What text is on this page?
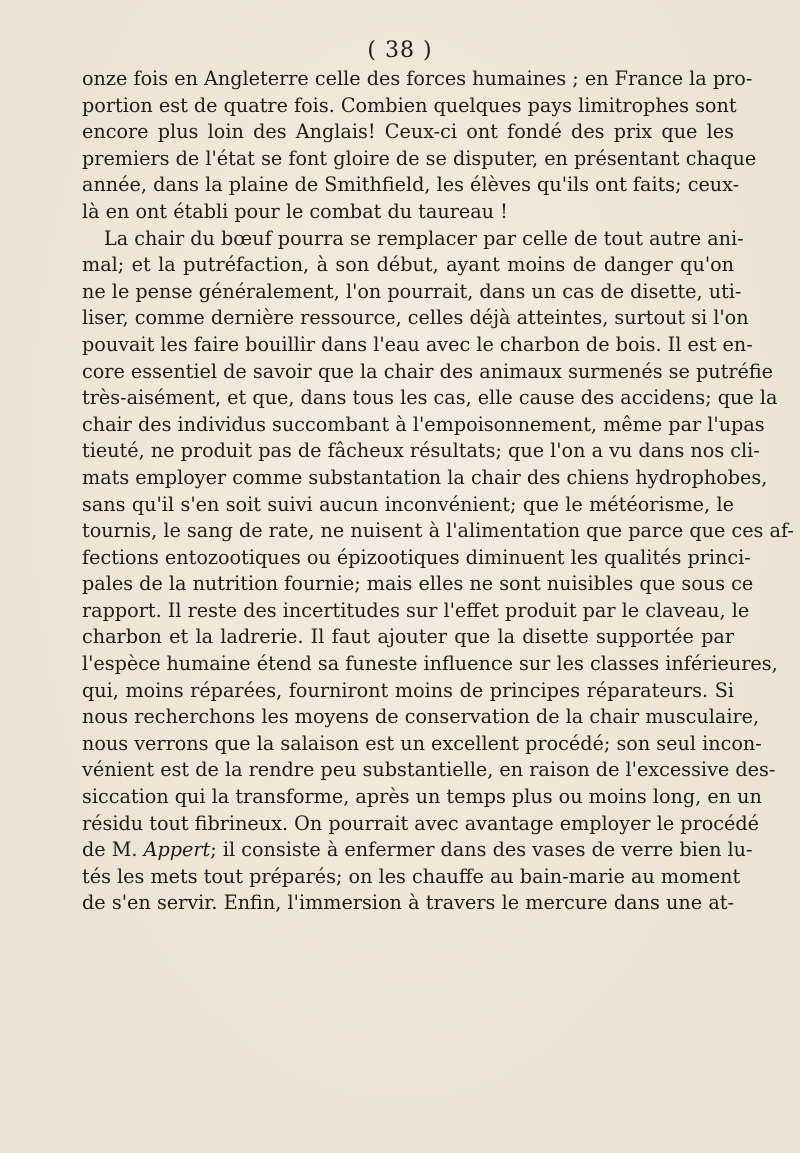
( 38 )
onze fois en Angleterre celle des forces humaines ; en France la pro-
portion est de quatre fois. Combien quelques pays limitrophes sont
encore plus loin des Anglais! Ceux-ci ont fondé des prix que les
premiers de l'état se font gloire de se disputer, en présentant chaque
année, dans la plaine de Smithfield, les élèves qu'ils ont faits; ceux-
là en ont établi pour le combat du taureau !
La chair du bœuf pourra se remplacer par celle de tout autre ani-
mal; et la putréfaction, à son début, ayant moins de danger qu'on
ne le pense généralement, l'on pourrait, dans un cas de disette, uti-
liser, comme dernière ressource, celles déjà atteintes, surtout si l'on
pouvait les faire bouillir dans l'eau avec le charbon de bois. Il est en-
core essentiel de savoir que la chair des animaux surmenés se putréfie
très-aisément, et que, dans tous les cas, elle cause des accidens; que la
chair des individus succombant à l'empoisonnement, même par l'upas
tieuté, ne produit pas de fâcheux résultats; que l'on a vu dans nos cli-
mats employer comme substantation la chair des chiens hydrophobes,
sans qu'il s'en soit suivi aucun inconvénient; que le météorisme, le
tournis, le sang de rate, ne nuisent à l'alimentation que parce que ces af-
fections entozootiques ou épizootiques diminuent les qualités princi-
pales de la nutrition fournie; mais elles ne sont nuisibles que sous ce
rapport. Il reste des incertitudes sur l'effet produit par le claveau, le
charbon et la ladrerie. Il faut ajouter que la disette supportée par
l'espèce humaine étend sa funeste influence sur les classes inférieures,
qui, moins réparées, fourniront moins de principes réparateurs. Si
nous recherchons les moyens de conservation de la chair musculaire,
nous verrons que la salaison est un excellent procédé; son seul incon-
vénient est de la rendre peu substantielle, en raison de l'excessive des-
siccation qui la transforme, après un temps plus ou moins long, en un
résidu tout fibrineux. On pourrait avec avantage employer le procédé
de M. Appert; il consiste à enfermer dans des vases de verre bien lu-
tés les mets tout préparés; on les chauffe au bain-marie au moment
de s'en servir. Enfin, l'immersion à travers le mercure dans une at-
